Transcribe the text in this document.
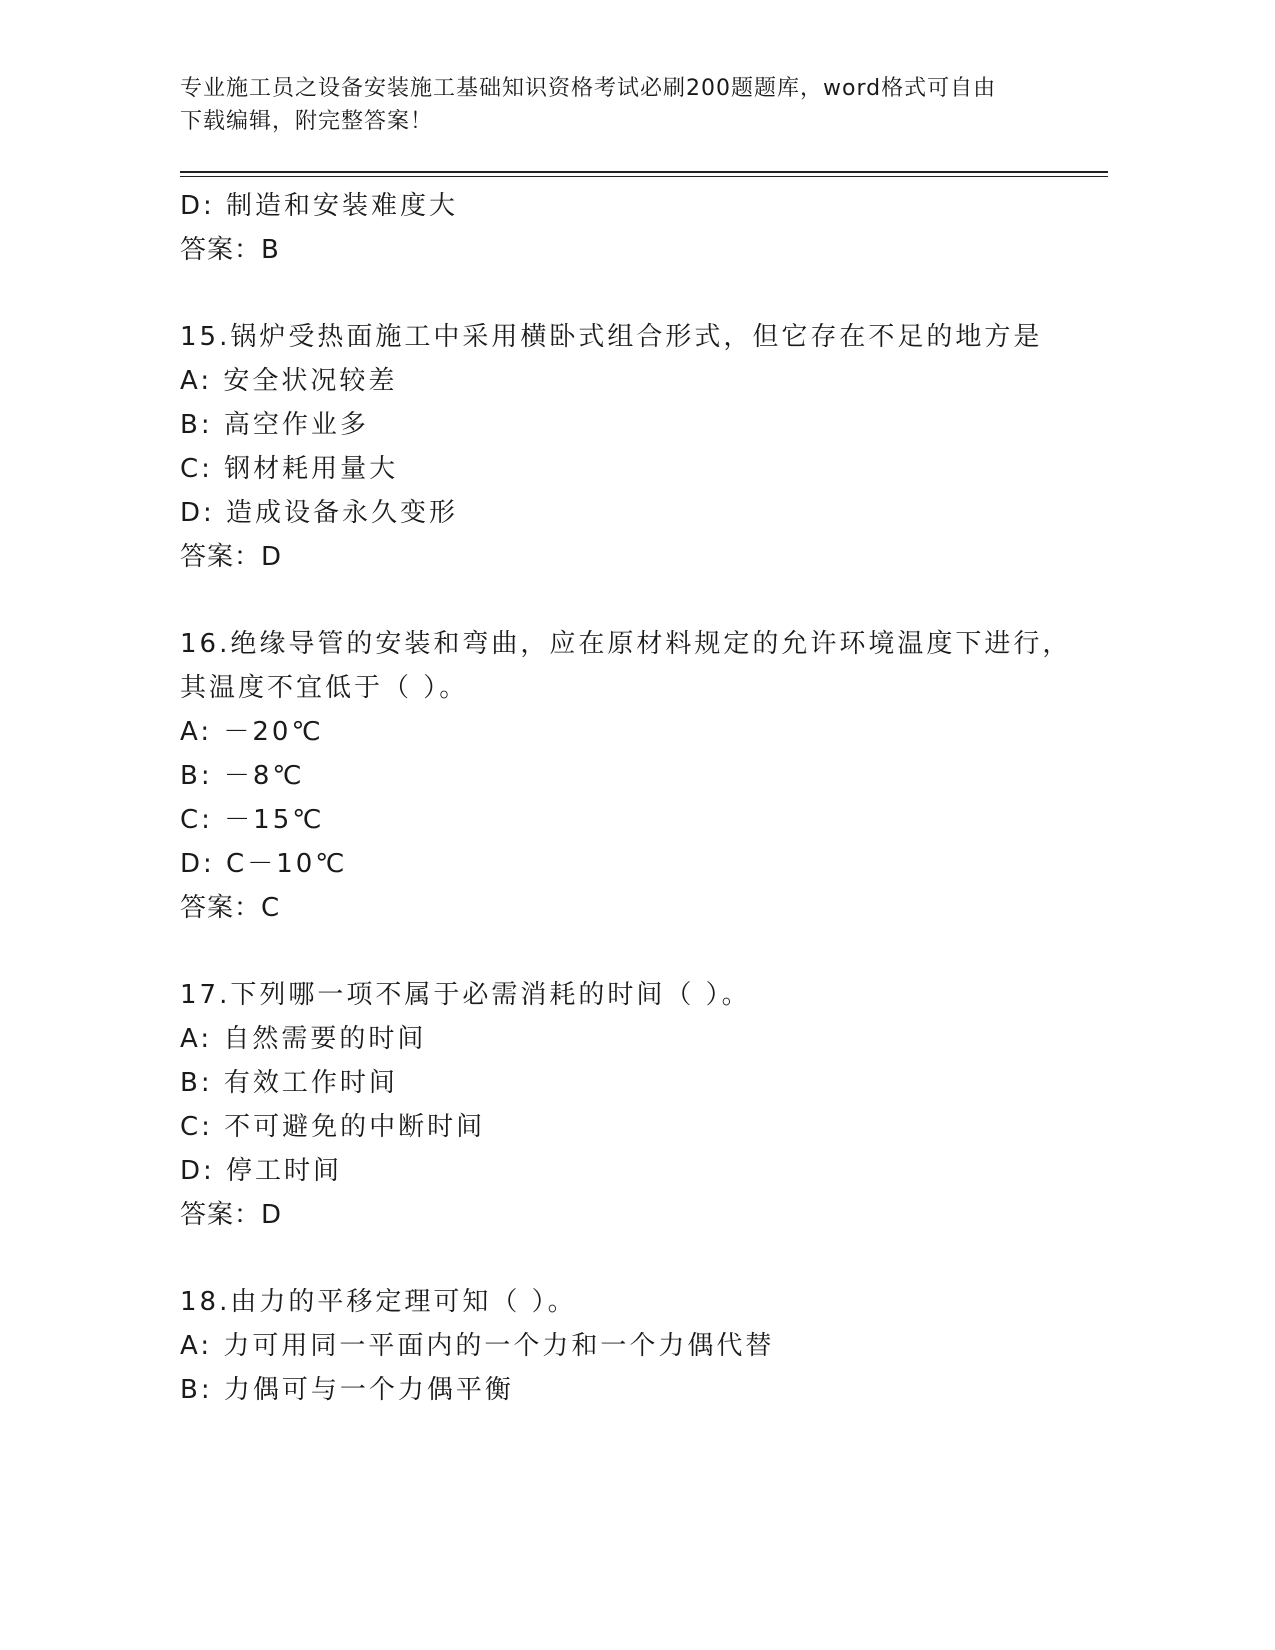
专业施工员之设备安装施工基础知识资格考试必刷200题题库，word格式可自由
下载编辑，附完整答案！
D: 制造和安装难度大
答案：B
15.锅炉受热面施工中采用横卧式组合形式，但它存在不足的地方是
A: 安全状况较差
B: 高空作业多
C: 钢材耗用量大
D: 造成设备永久变形
答案：D
16.绝缘导管的安装和弯曲，应在原材料规定的允许环境温度下进行，
其温度不宜低于（ ）。
A: －20℃
B: －8℃
C: －15℃
D: C－10℃
答案：C
17.下列哪一项不属于必需消耗的时间（ ）。
A: 自然需要的时间
B: 有效工作时间
C: 不可避免的中断时间
D: 停工时间
答案：D
18.由力的平移定理可知（ ）。
A: 力可用同一平面内的一个力和一个力偶代替
B: 力偶可与一个力偶平衡
